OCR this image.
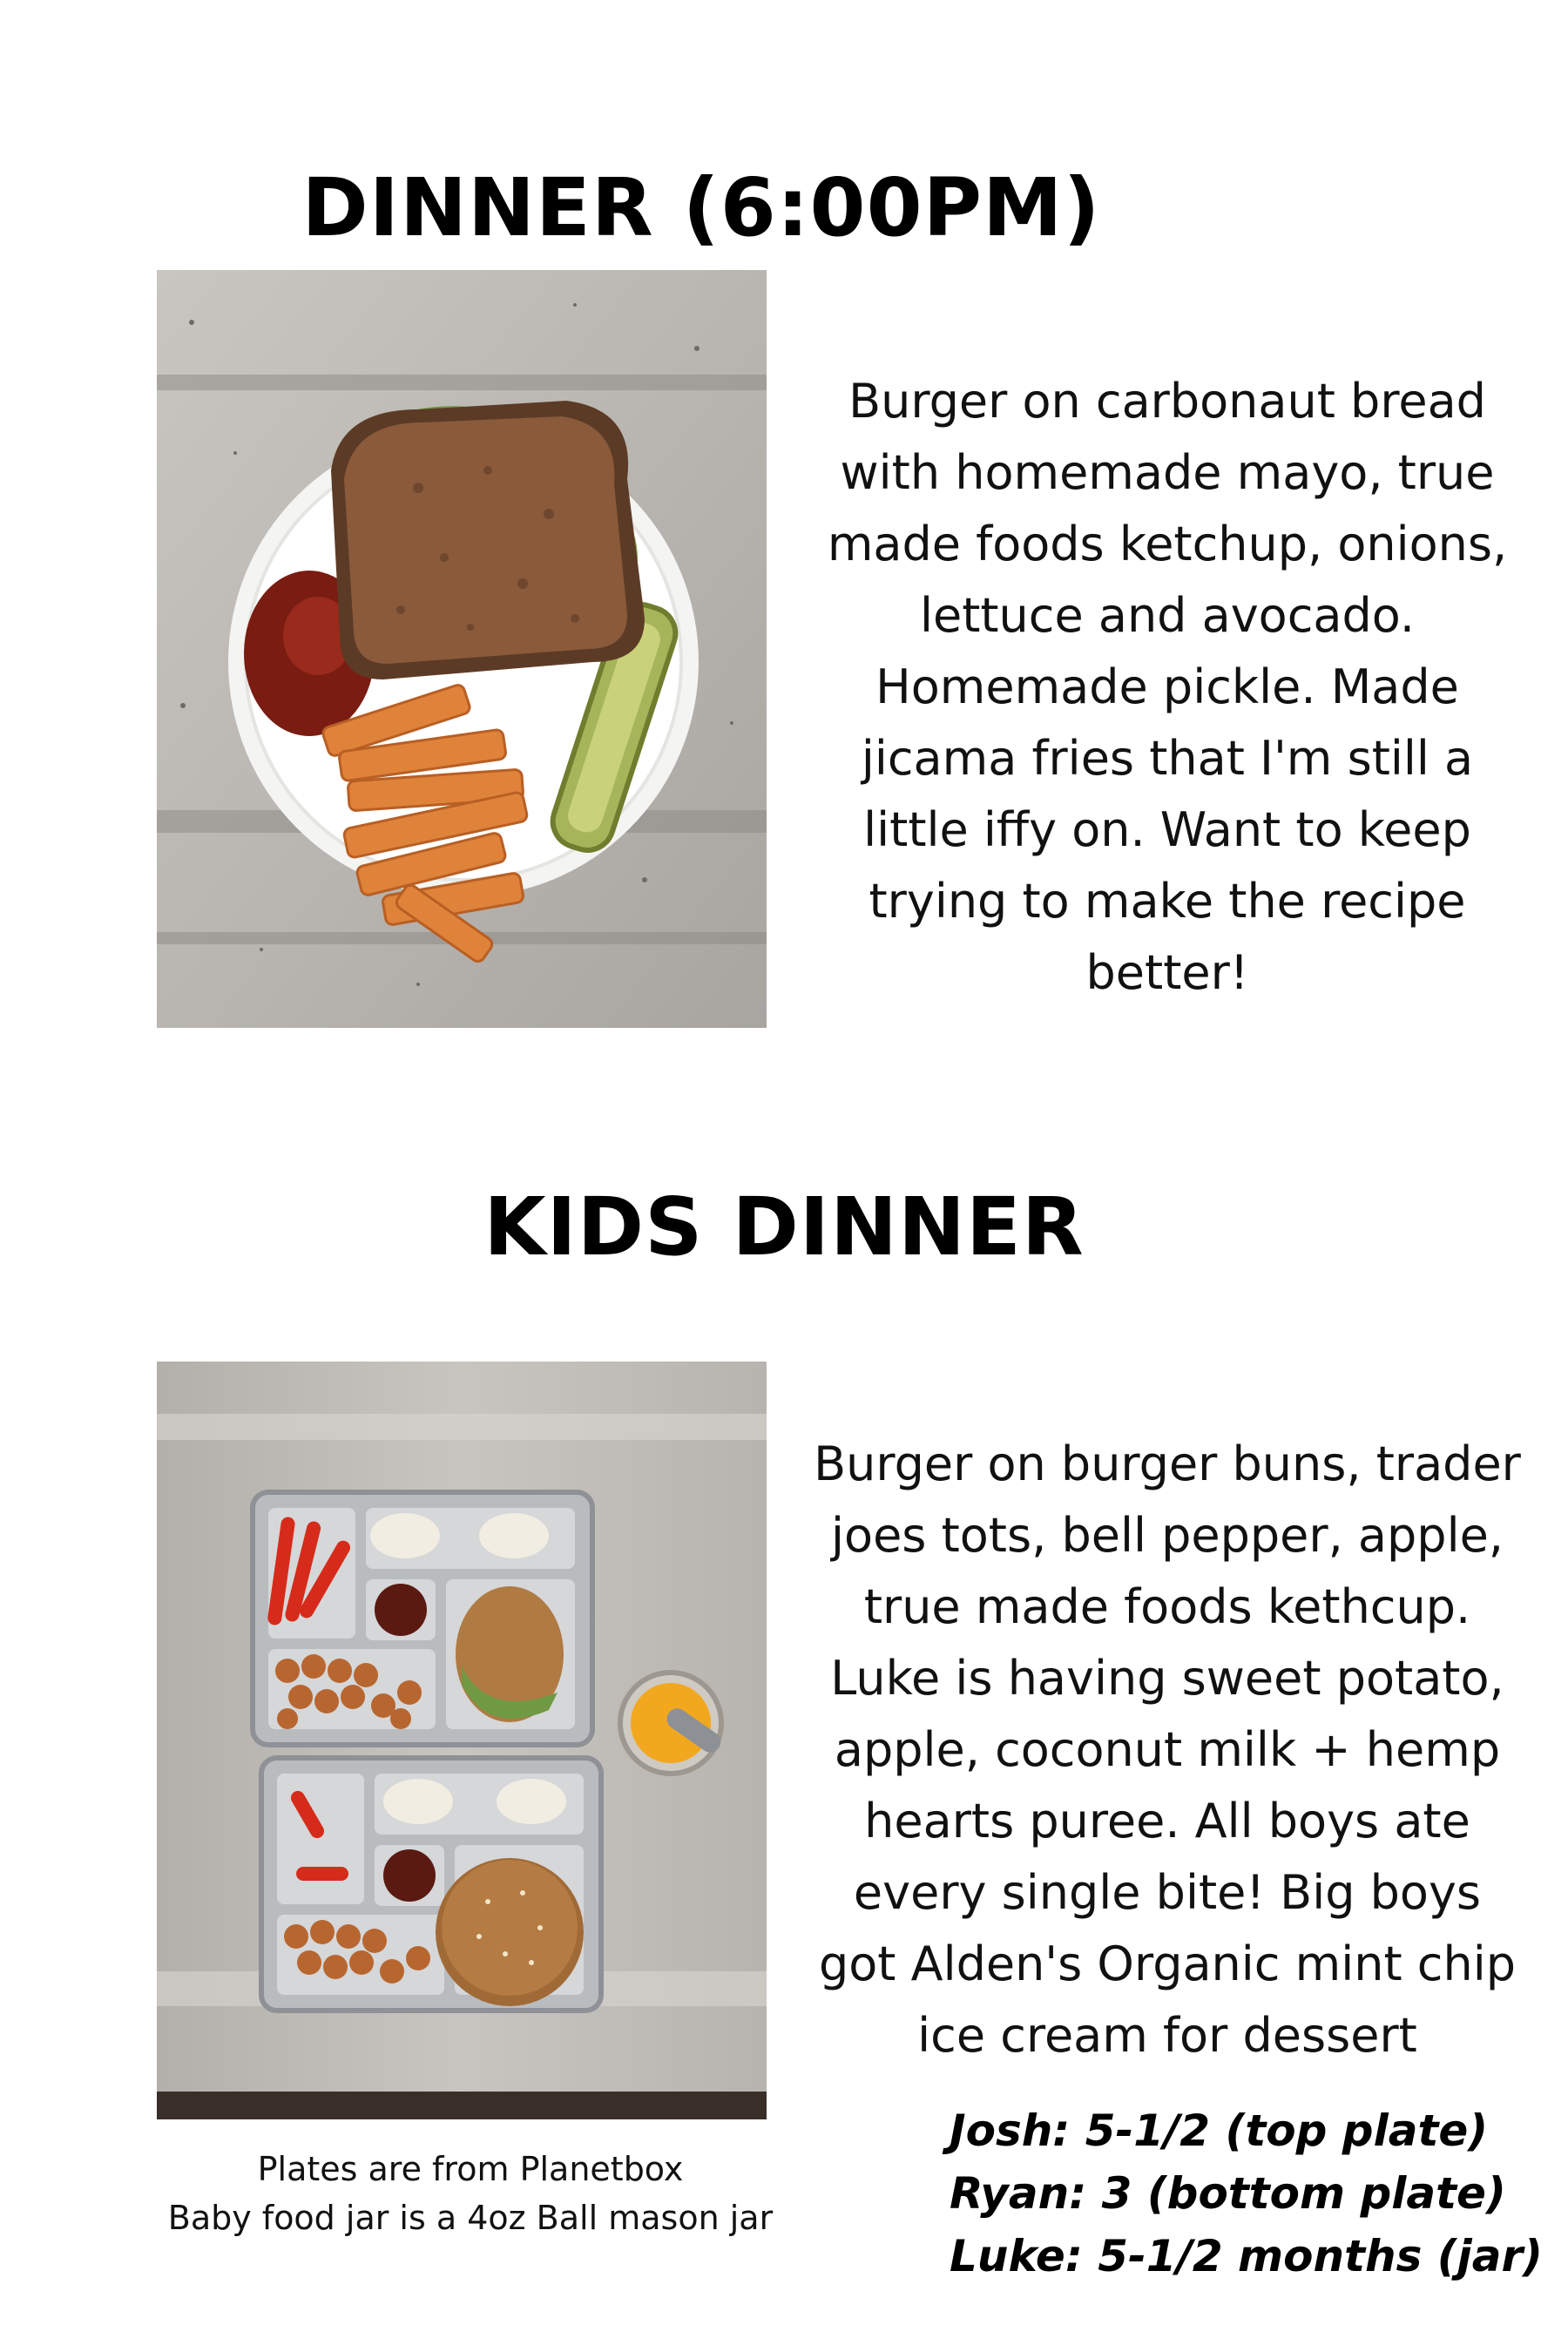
DINNER (6:00PM)

Burger on carbonaut bread with homemade mayo, true made foods ketchup, onions, lettuce and avocado. Homemade pickle. Made jicama fries that I'm still a little iffy on. Want to keep trying to make the recipe better!

KIDS DINNER

Burger on burger buns, trader joes tots, bell pepper, apple, true made foods kethcup. Luke is having sweet potato, apple, coconut milk + hemp hearts puree. All boys ate every single bite! Big boys got Alden's Organic mint chip ice cream for dessert

Plates are from Planetbox
Baby food jar is a 4oz Ball mason jar
Josh: 5-1/2 (top plate)
Ryan: 3 (bottom plate)
Luke: 5-1/2 months (jar)
